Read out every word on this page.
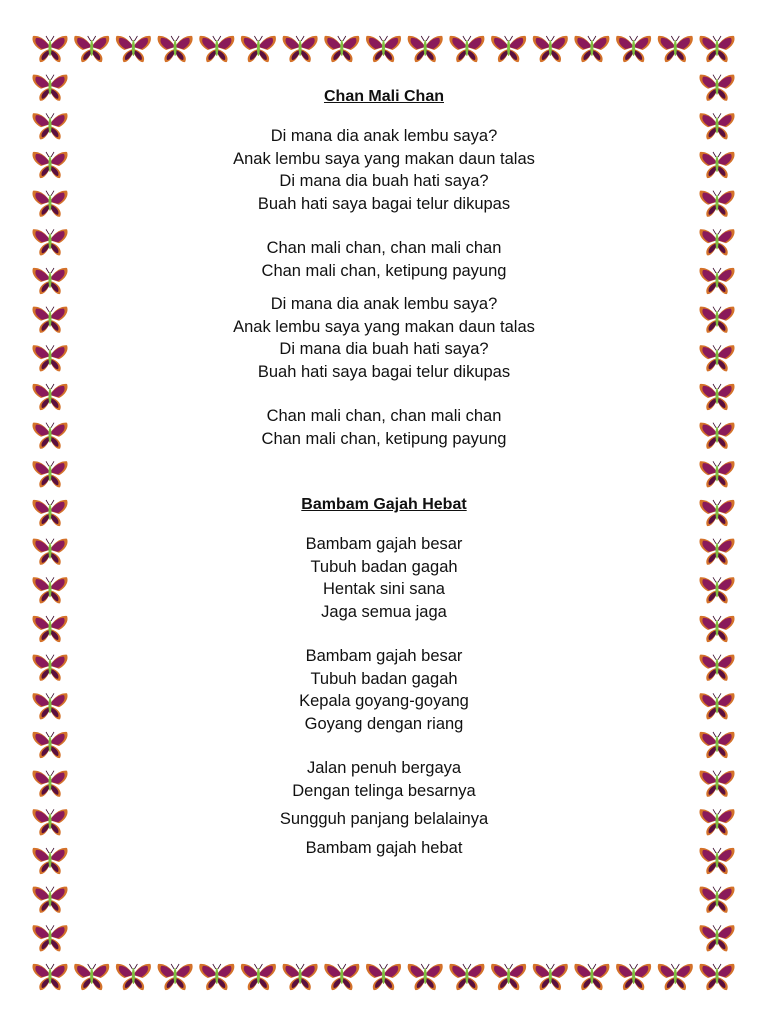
Chan Mali Chan

Di mana dia anak lembu saya?
Anak lembu saya yang makan daun talas
Di mana dia buah hati saya?
Buah hati saya bagai telur dikupas
Chan mali chan, chan mali chan
Chan mali chan, ketipung payung
Di mana dia anak lembu saya?
Anak lembu saya yang makan daun talas
Di mana dia buah hati saya?
Buah hati saya bagai telur dikupas
Chan mali chan, chan mali chan
Chan mali chan, ketipung payung

Bambam Gajah Hebat

Bambam gajah besar
Tubuh badan gagah
Hentak sini sana
Jaga semua jaga
Bambam gajah besar
Tubuh badan gagah
Kepala goyang-goyang
Goyang dengan riang
Jalan penuh bergaya
Dengan telinga besarnya
Sungguh panjang belalainya
Bambam gajah hebat
